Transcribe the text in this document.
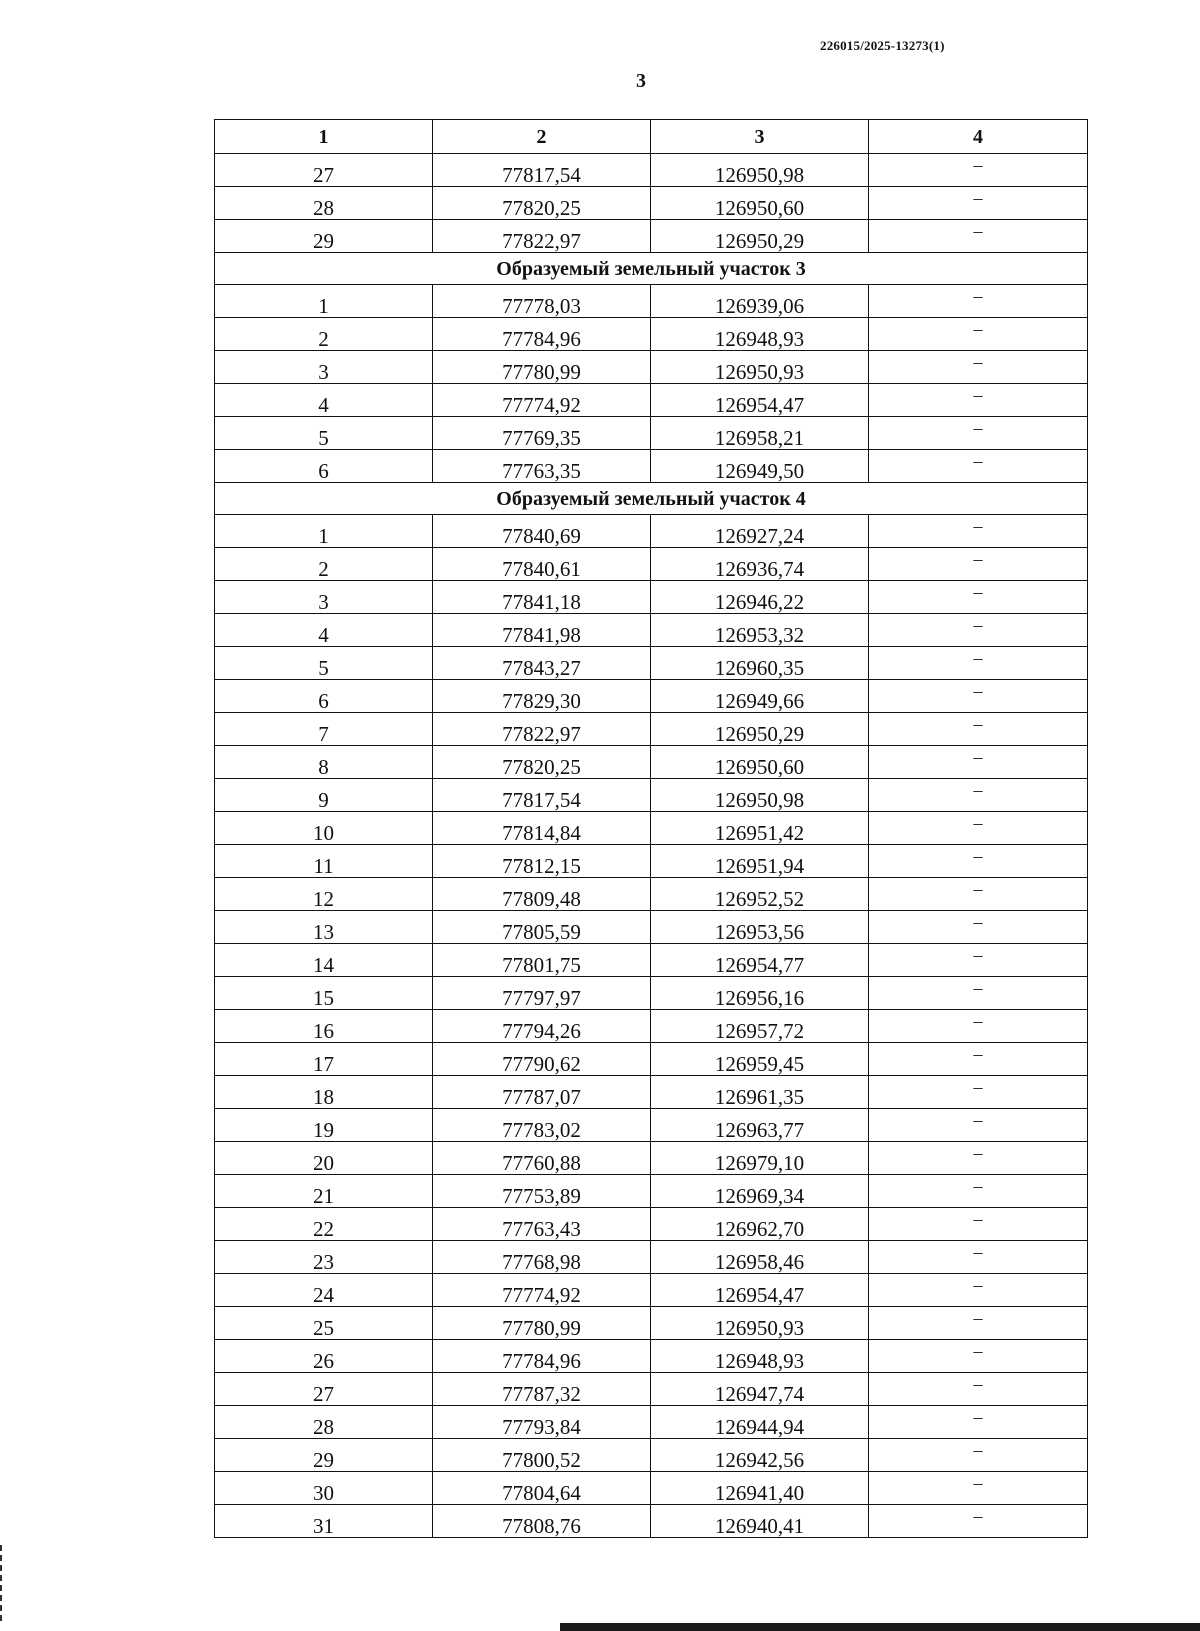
226015/2025-13273(1)
3
1	2	3	4
27	77817,54	126950,98	–
28	77820,25	126950,60	–
29	77822,97	126950,29	–
Образуемый земельный участок 3			
1	77778,03	126939,06	–
2	77784,96	126948,93	–
3	77780,99	126950,93	–
4	77774,92	126954,47	–
5	77769,35	126958,21	–
6	77763,35	126949,50	–
Образуемый земельный участок 4			
1	77840,69	126927,24	–
2	77840,61	126936,74	–
3	77841,18	126946,22	–
4	77841,98	126953,32	–
5	77843,27	126960,35	–
6	77829,30	126949,66	–
7	77822,97	126950,29	–
8	77820,25	126950,60	–
9	77817,54	126950,98	–
10	77814,84	126951,42	–
11	77812,15	126951,94	–
12	77809,48	126952,52	–
13	77805,59	126953,56	–
14	77801,75	126954,77	–
15	77797,97	126956,16	–
16	77794,26	126957,72	–
17	77790,62	126959,45	–
18	77787,07	126961,35	–
19	77783,02	126963,77	–
20	77760,88	126979,10	–
21	77753,89	126969,34	–
22	77763,43	126962,70	–
23	77768,98	126958,46	–
24	77774,92	126954,47	–
25	77780,99	126950,93	–
26	77784,96	126948,93	–
27	77787,32	126947,74	–
28	77793,84	126944,94	–
29	77800,52	126942,56	–
30	77804,64	126941,40	–
31	77808,76	126940,41	–
